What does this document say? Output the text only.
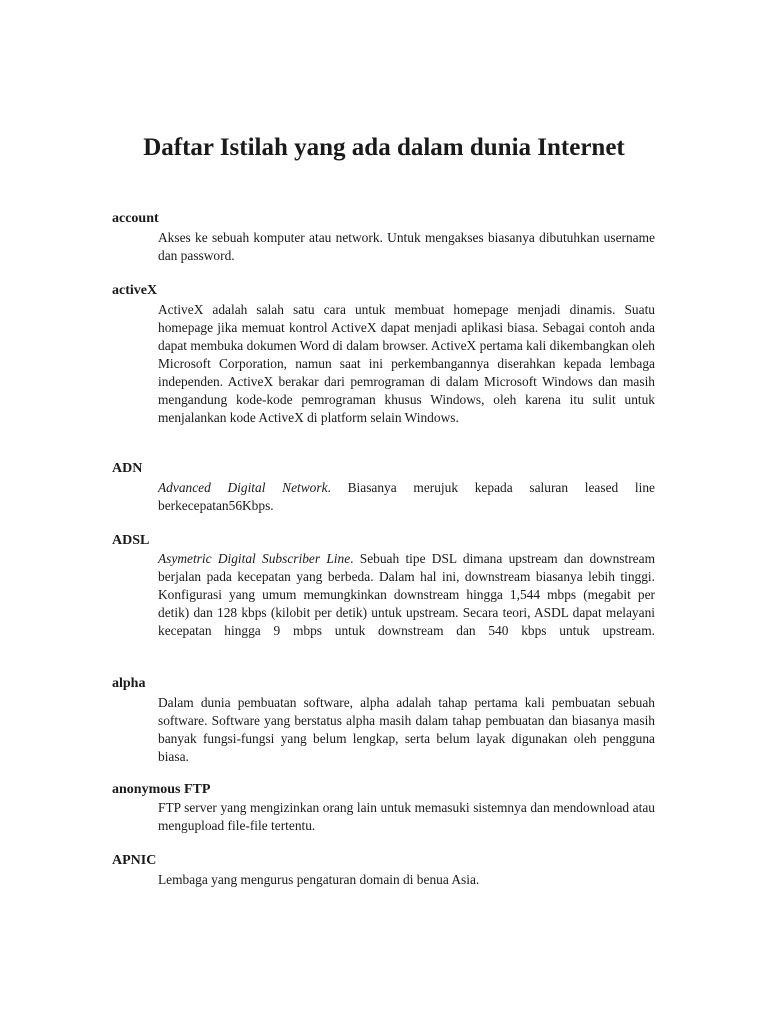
Daftar Istilah yang ada dalam dunia Internet
account
Akses ke sebuah komputer atau network. Untuk mengakses biasanya dibutuhkan username dan password.
activeX
ActiveX adalah salah satu cara untuk membuat homepage menjadi dinamis. Suatu homepage jika memuat kontrol ActiveX dapat menjadi aplikasi biasa. Sebagai contoh anda dapat membuka dokumen Word di dalam browser. ActiveX pertama kali dikembangkan oleh Microsoft Corporation, namun saat ini perkembangannya diserahkan kepada lembaga independen. ActiveX berakar dari pemrograman di dalam Microsoft Windows dan masih mengandung kode-kode pemrograman khusus Windows, oleh karena itu sulit untuk menjalankan kode ActiveX di platform selain Windows.
ADN
Advanced Digital Network. Biasanya merujuk kepada saluran leased line berkecepatan56Kbps.
ADSL
Asymetric Digital Subscriber Line. Sebuah tipe DSL dimana upstream dan downstream berjalan pada kecepatan yang berbeda. Dalam hal ini, downstream biasanya lebih tinggi. Konfigurasi yang umum memungkinkan downstream hingga 1,544 mbps (megabit per detik) dan 128 kbps (kilobit per detik) untuk upstream. Secara teori, ASDL dapat melayani kecepatan hingga 9 mbps untuk downstream dan 540 kbps untuk upstream.
alpha
Dalam dunia pembuatan software, alpha adalah tahap pertama kali pembuatan sebuah software. Software yang berstatus alpha masih dalam tahap pembuatan dan biasanya masih banyak fungsi-fungsi yang belum lengkap, serta belum layak digunakan oleh pengguna biasa.
anonymous FTP
FTP server yang mengizinkan orang lain untuk memasuki sistemnya dan mendownload atau mengupload file-file tertentu.
APNIC
Lembaga yang mengurus pengaturan domain di benua Asia.
